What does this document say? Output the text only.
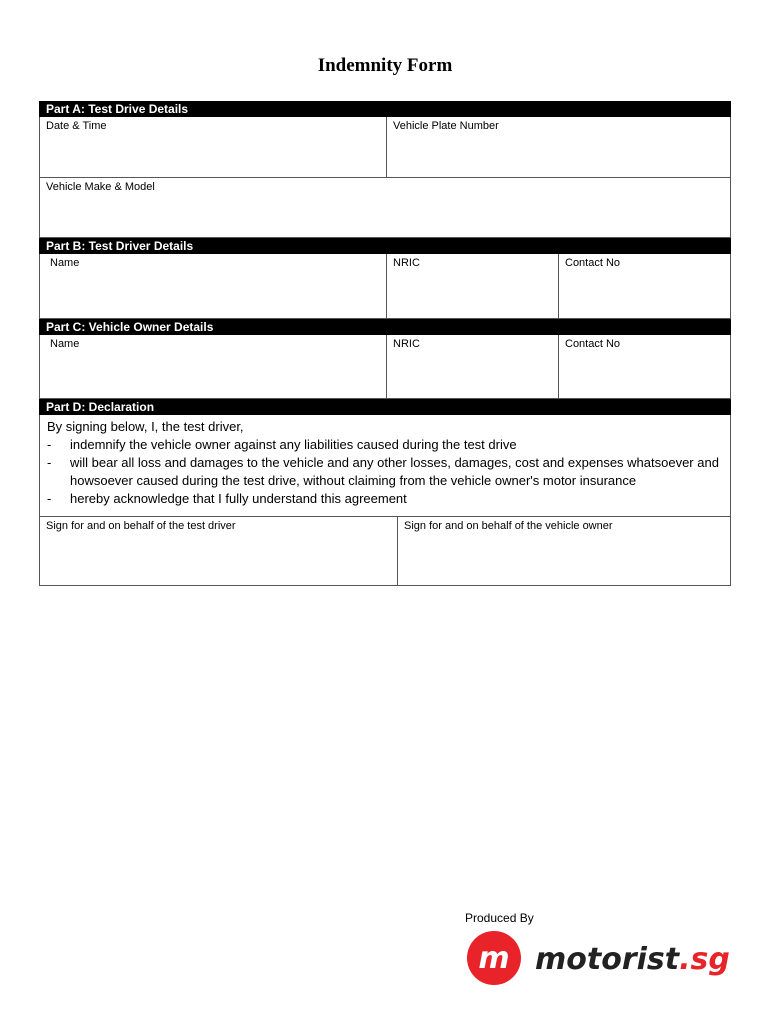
Indemnity Form
Part A: Test Drive Details
Date & Time	Vehicle Plate Number
Vehicle Make & Model
Part B: Test Driver Details
Name	NRIC	Contact No
Part C: Vehicle Owner Details
Name	NRIC	Contact No
Part D: Declaration
By signing below, I, the test driver,
-	indemnify the vehicle owner against any liabilities caused during the test drive
-	will bear all loss and damages to the vehicle and any other losses, damages, cost and expenses whatsoever and howsoever caused during the test drive, without claiming from the vehicle owner's motor insurance
-	hereby acknowledge that I fully understand this agreement
Sign for and on behalf of the test driver	Sign for and on behalf of the vehicle owner
Produced By
m motorist.sg
